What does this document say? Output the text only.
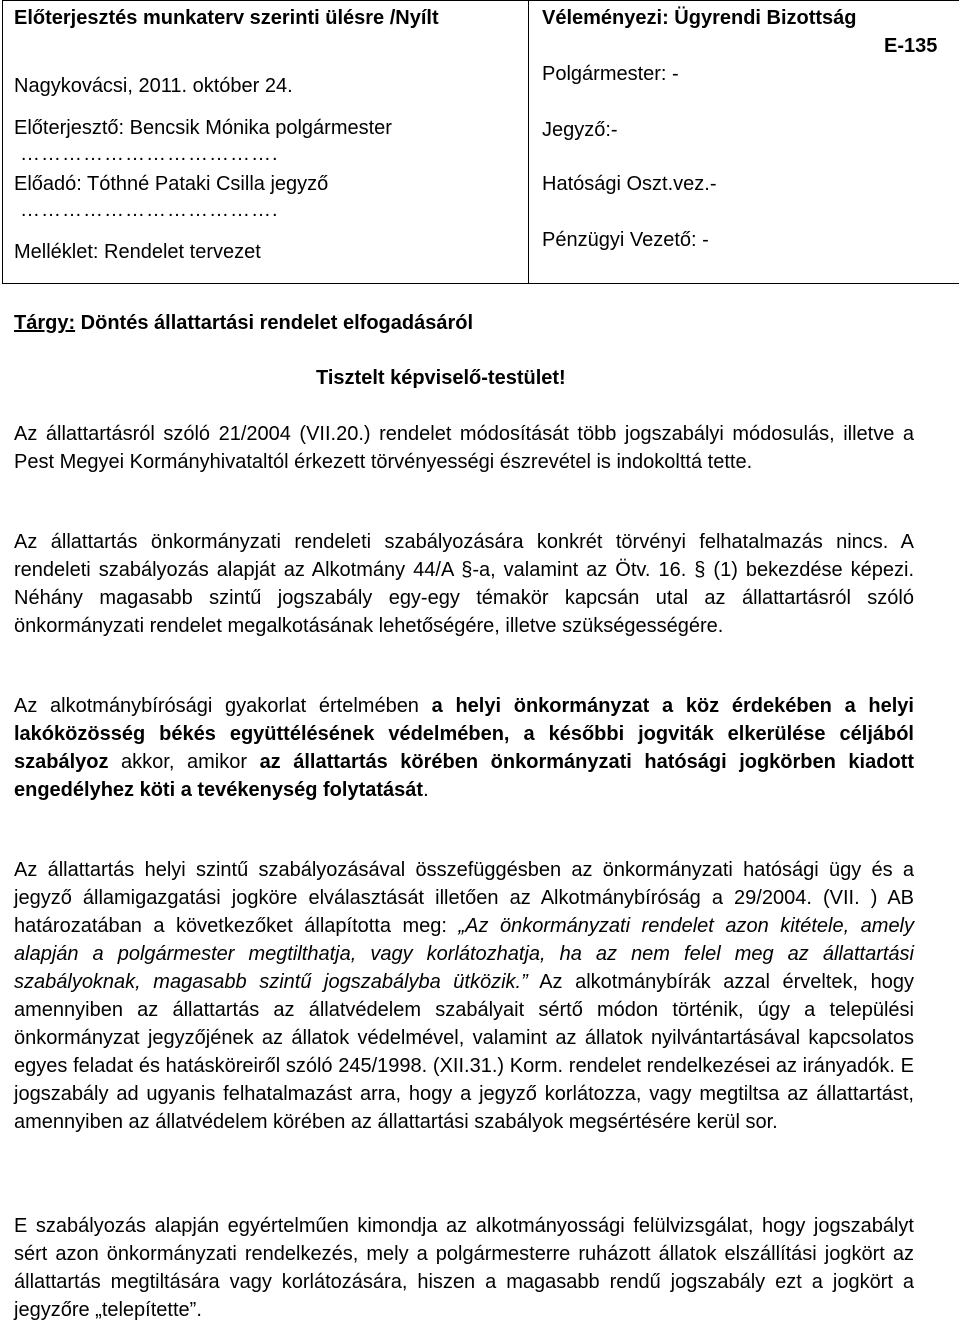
Előterjesztés munkaterv szerinti ülésre /Nyílt
Nagykovácsi, 2011. október 24.
Előterjesztő: Bencsik Mónika polgármester
……………………………….
Előadó: Tóthné Pataki Csilla jegyző
……………………………….
Melléklet: Rendelet tervezet
Véleményezi: Ügyrendi Bizottság
E-135
Polgármester: -
Jegyző:-
Hatósági Oszt.vez.-
Pénzügyi Vezető: -
Tárgy: Döntés állattartási rendelet elfogadásáról
Tisztelt képviselő-testület!

Az állattartásról szóló 21/2004 (VII.20.) rendelet módosítását több jogszabályi módosulás, illetve a Pest Megyei Kormányhivataltól érkezett törvényességi észrevétel is indokolttá tette.

Az állattartás önkormányzati rendeleti szabályozására konkrét törvényi felhatalmazás nincs. A rendeleti szabályozás alapját az Alkotmány 44/A §-a, valamint az Ötv. 16. § (1) bekezdése képezi. Néhány magasabb szintű jogszabály egy-egy témakör kapcsán utal az állattartásról szóló önkormányzati rendelet megalkotásának lehetőségére, illetve szükségességére.

Az alkotmánybírósági gyakorlat értelmében a helyi önkormányzat a köz érdekében a helyi lakóközösség békés együttélésének védelmében, a későbbi jogviták elkerülése céljából szabályoz akkor, amikor az állattartás körében önkormányzati hatósági jogkörben kiadott engedélyhez köti a tevékenység folytatását.

Az állattartás helyi szintű szabályozásával összefüggésben az önkormányzati hatósági ügy és a jegyző államigazgatási jogköre elválasztását illetően az Alkotmánybíróság a 29/2004. (VII. ) AB határozatában a következőket állapította meg: „Az önkormányzati rendelet azon kitétele, amely alapján a polgármester megtilthatja, vagy korlátozhatja, ha az nem felel meg az állattartási szabályoknak, magasabb szintű jogszabályba ütközik.” Az alkotmánybírák azzal érveltek, hogy amennyiben az állattartás az állatvédelem szabályait sértő módon történik, úgy a települési önkormányzat jegyzőjének az állatok védelmével, valamint az állatok nyilvántartásával kapcsolatos egyes feladat és hatásköreiről szóló 245/1998. (XII.31.) Korm. rendelet rendelkezései az irányadók. E jogszabály ad ugyanis felhatalmazást arra, hogy a jegyző korlátozza, vagy megtiltsa az állattartást, amennyiben az állatvédelem körében az állattartási szabályok megsértésére kerül sor.

E szabályozás alapján egyértelműen kimondja az alkotmányossági felülvizsgálat, hogy jogszabályt sért azon önkormányzati rendelkezés, mely a polgármesterre ruházott állatok elszállítási jogkört az állattartás megtiltására vagy korlátozására, hiszen a magasabb rendű jogszabály ezt a jogkört a jegyzőre „telepítette”.
